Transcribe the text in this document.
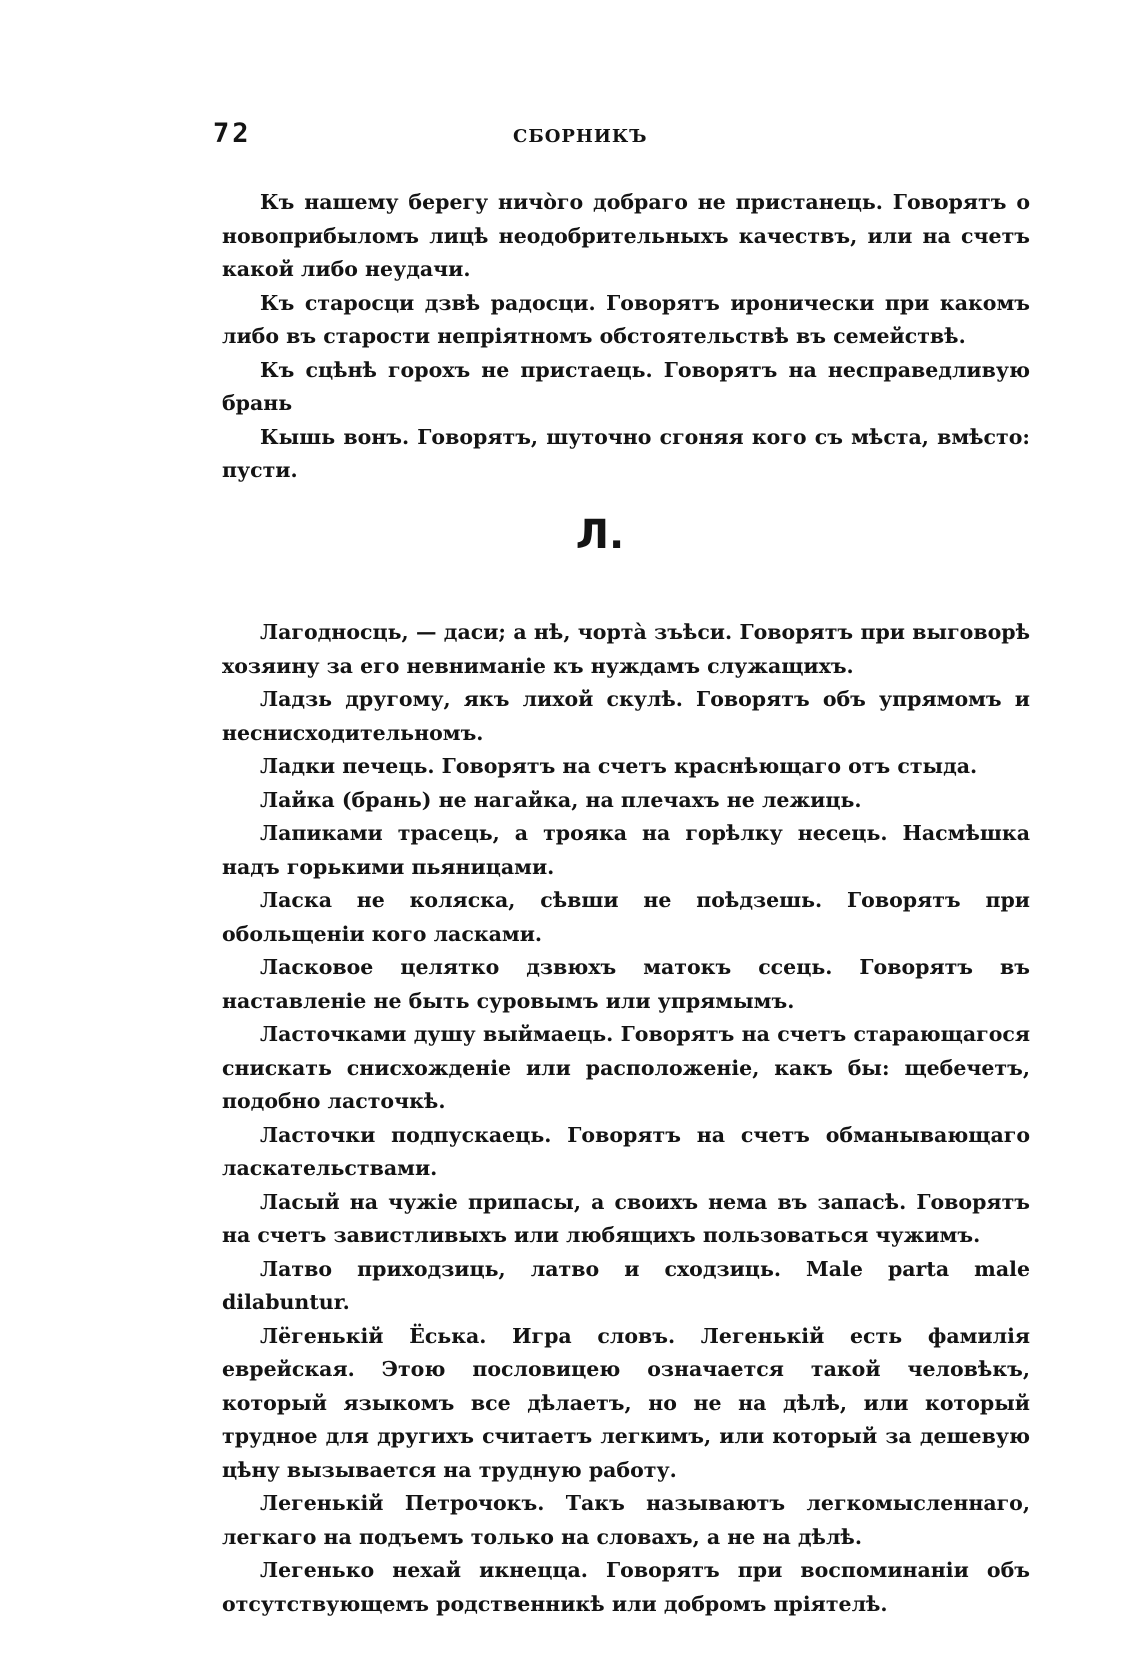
72	СБОРНИКЪ

Къ нашему берегу ничòго добраго не пристанець. Говорятъ о новоприбыломъ лицѣ неодобрительныхъ качествъ, или на счетъ какой либо неудачи.

Къ старосци дзвѣ радосци. Говорятъ иронически при какомъ либо въ старости непріятномъ обстоятельствѣ въ семействѣ.

Къ сцѣнѣ горохъ не пристаець. Говорятъ на несправедливую брань

Кышь вонъ. Говорятъ, шуточно сгоняя кого съ мѣста, вмѣсто: пусти.

Л.

Лагодносць, — даси; а нѣ, чортà зъѣси. Говорятъ при выговорѣ хозяину за его невниманіе къ нуждамъ служащихъ.

Ладзь другому, якъ лихой скулѣ. Говорятъ объ упрямомъ и неснисходительномъ.

Ладки печець. Говорятъ на счетъ краснѣющаго отъ стыда.

Лайка (брань) не нагайка, на плечахъ не лежиць.

Лапиками трасець, а троякa на горѣлку несець. Насмѣшка надъ горькими пьяницами.

Ласка не коляска, сѣвши не поѣдзешь. Говорятъ при обольщеніи кого ласками.

Ласковое целятко дзвюхъ матокъ ссець. Говорятъ въ наставленіе не быть суровымъ или упрямымъ.

Ласточками душу выймаець. Говорятъ на счетъ старающагося снискать снисхожденіе или расположеніе, какъ бы: щебечетъ, подобно ласточкѣ.

Ласточки подпускаець. Говорятъ на счетъ обманывающаго ласкательствами.

Ласый на чужіе припасы, а своихъ нема въ запасѣ. Говорятъ на счетъ завистливыхъ или любящихъ пользоваться чужимъ.

Латво приходзиць, латво и сходзиць. Male parta male dilabuntur.

Лёгенькій Ёська. Игра словъ. Легенькій есть фамилія еврейская. Этою пословицею означается такой человѣкъ, который языкомъ все дѣлаетъ, но не на дѣлѣ, или который трудное для другихъ считаетъ легкимъ, или который за дешевую цѣну вызывается на трудную работу.

Легенькій Петрочокъ. Такъ называютъ легкомысленнаго, легкаго на подъемъ только на словахъ, а не на дѣлѣ.

Легенько нехай икнецца. Говорятъ при воспоминаніи объ отсутствующемъ родственникѣ или добромъ пріятелѣ.
